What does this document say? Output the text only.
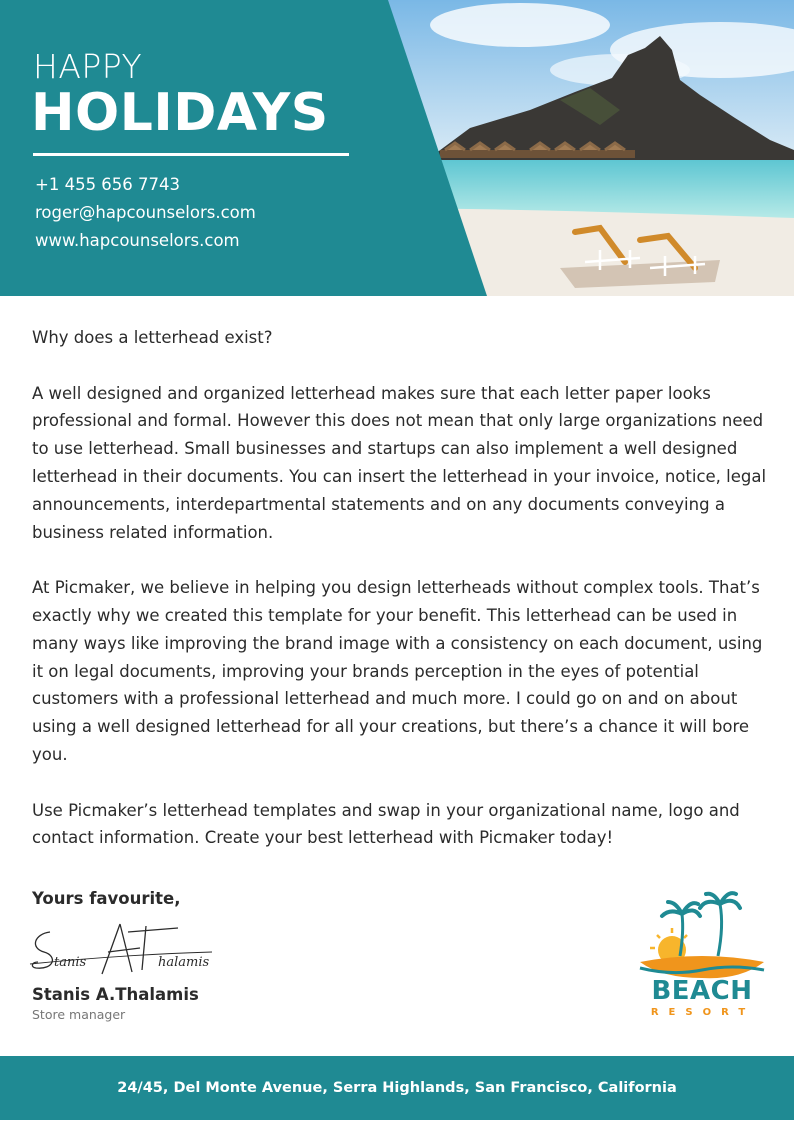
HAPPY
HOLIDAYS
+1 455 656 7743
roger@hapcounselors.com
www.hapcounselors.com

Why does a letterhead exist?

A well designed and organized letterhead makes sure that each letter paper looks professional and formal. However this does not mean that only large organizations need to use letterhead. Small businesses and startups can also implement a well designed letterhead in their documents. You can insert the letterhead in your invoice, notice, legal announcements, interdepartmental statements and on any documents conveying a business related information.

At Picmaker, we believe in helping you design letterheads without complex tools. That’s exactly why we created this template for your benefit. This letterhead can be used in many ways like improving the brand image with a consistency on each document, using it on legal documents, improving your brands perception in the eyes of potential customers with a professional letterhead and much more. I could go on and on about using a well designed letterhead for all your creations, but there’s a chance it will bore you.

Use Picmaker’s letterhead templates and swap in your organizational name, logo and contact information. Create your best letterhead with Picmaker today!

Yours favourite,

tanis	halamis

Stanis A.Thalamis

Store manager

BEACH
RESORT
24/45, Del Monte Avenue, Serra Highlands, San Francisco, California
